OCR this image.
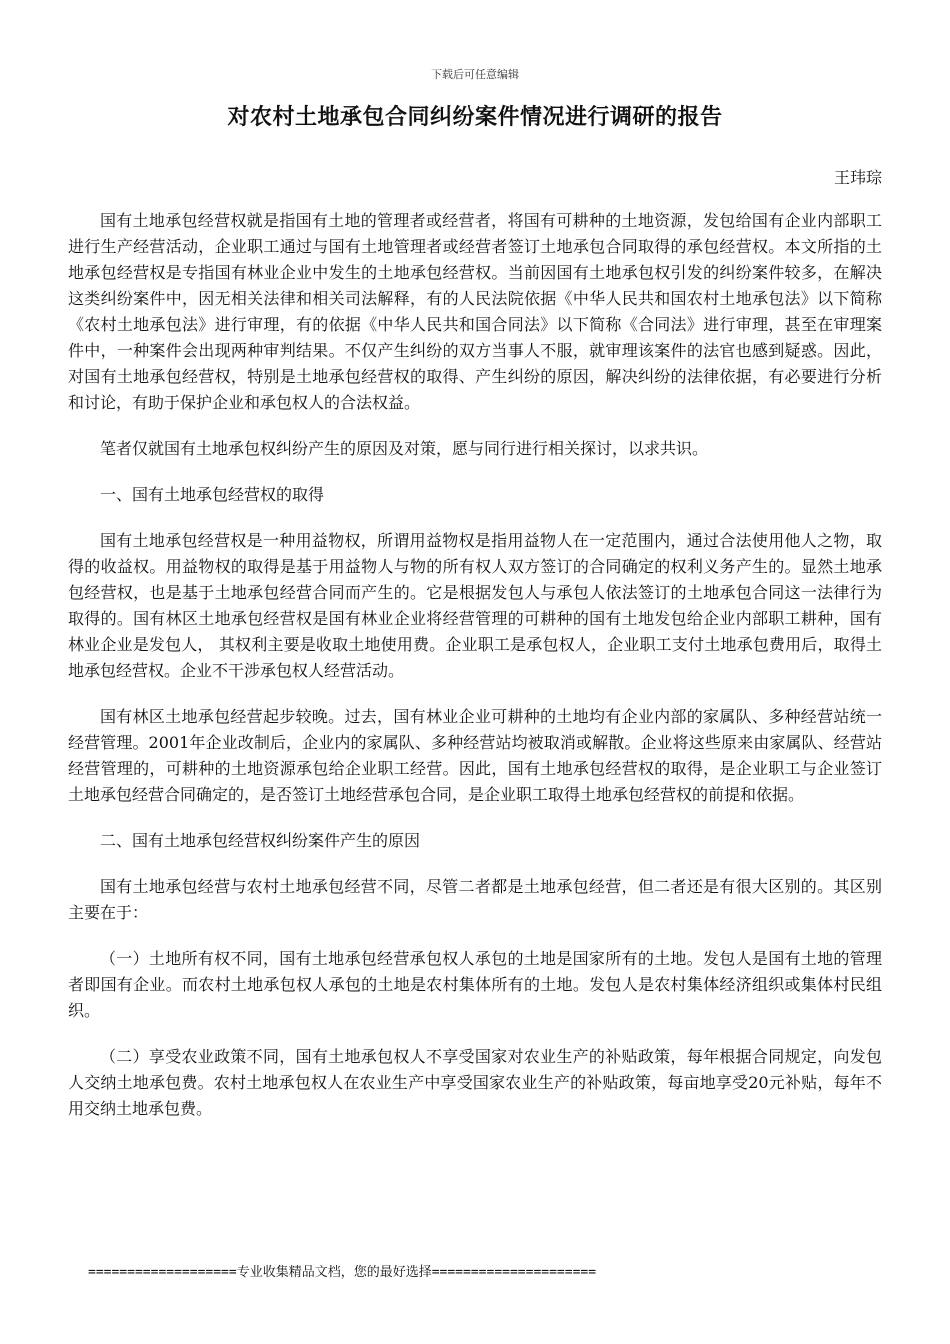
下载后可任意编辑
对农村土地承包合同纠纷案件情况进行调研的报告
王玮琮

国有土地承包经营权就是指国有土地的管理者或经营者，将国有可耕种的土地资源，发包给国有企业内部职工进行生产经营活动，企业职工通过与国有土地管理者或经营者签订土地承包合同取得的承包经营权。本文所指的土地承包经营权是专指国有林业企业中发生的土地承包经营权。当前因国有土地承包权引发的纠纷案件较多，在解决这类纠纷案件中，因无相关法律和相关司法解释，有的人民法院依据《中华人民共和国农村土地承包法》以下简称《农村土地承包法》进行审理，有的依据《中华人民共和国合同法》以下简称《合同法》进行审理，甚至在审理案件中，一种案件会出现两种审判结果。不仅产生纠纷的双方当事人不服，就审理该案件的法官也感到疑惑。因此，对国有土地承包经营权，特别是土地承包经营权的取得、产生纠纷的原因，解决纠纷的法律依据，有必要进行分析和讨论，有助于保护企业和承包权人的合法权益。

笔者仅就国有土地承包权纠纷产生的原因及对策，愿与同行进行相关探讨，以求共识。

一、国有土地承包经营权的取得

国有土地承包经营权是一种用益物权，所谓用益物权是指用益物人在一定范围内，通过合法使用他人之物，取得的收益权。用益物权的取得是基于用益物人与物的所有权人双方签订的合同确定的权利义务产生的。显然土地承包经营权，也是基于土地承包经营合同而产生的。它是根据发包人与承包人依法签订的土地承包合同这一法律行为取得的。国有林区土地承包经营权是国有林业企业将经营管理的可耕种的国有土地发包给企业内部职工耕种，国有林业企业是发包人， 其权利主要是收取土地使用费。企业职工是承包权人，企业职工支付土地承包费用后，取得土地承包经营权。企业不干涉承包权人经营活动。

国有林区土地承包经营起步较晚。过去，国有林业企业可耕种的土地均有企业内部的家属队、多种经营站统一经营管理。2001年企业改制后，企业内的家属队、多种经营站均被取消或解散。企业将这些原来由家属队、经营站经营管理的，可耕种的土地资源承包给企业职工经营。因此，国有土地承包经营权的取得，是企业职工与企业签订土地承包经营合同确定的，是否签订土地经营承包合同，是企业职工取得土地承包经营权的前提和依据。

二、国有土地承包经营权纠纷案件产生的原因

国有土地承包经营与农村土地承包经营不同，尽管二者都是土地承包经营，但二者还是有很大区别的。其区别主要在于：

（一）土地所有权不同，国有土地承包经营承包权人承包的土地是国家所有的土地。发包人是国有土地的管理者即国有企业。而农村土地承包权人承包的土地是农村集体所有的土地。发包人是农村集体经济组织或集体村民组织。

（二）享受农业政策不同，国有土地承包权人不享受国家对农业生产的补贴政策，每年根据合同规定，向发包人交纳土地承包费。农村土地承包权人在农业生产中享受国家农业生产的补贴政策，每亩地享受20元补贴，每年不用交纳土地承包费。

===================专业收集精品文档，您的最好选择=====================
